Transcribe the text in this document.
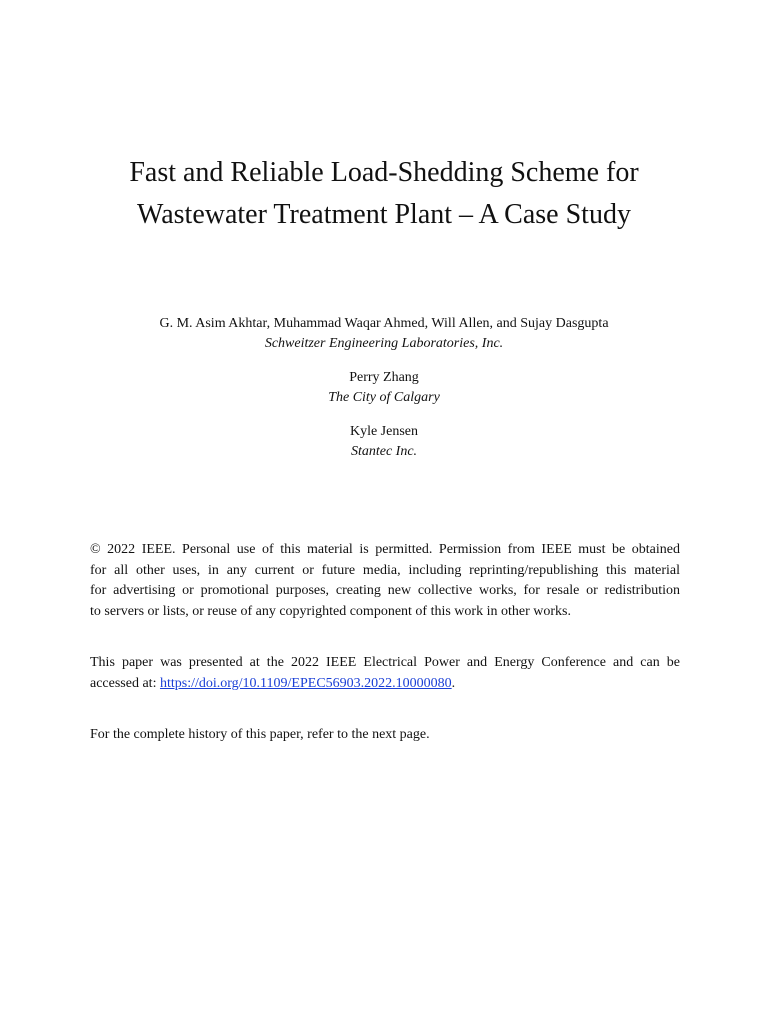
Fast and Reliable Load-Shedding Scheme for
Wastewater Treatment Plant – A Case Study
G. M. Asim Akhtar, Muhammad Waqar Ahmed, Will Allen, and Sujay Dasgupta
Schweitzer Engineering Laboratories, Inc.
Perry Zhang
The City of Calgary
Kyle Jensen
Stantec Inc.
© 2022 IEEE. Personal use of this material is permitted. Permission from IEEE must be obtained
for all other uses, in any current or future media, including reprinting/republishing this material
for advertising or promotional purposes, creating new collective works, for resale or redistribution
to servers or lists, or reuse of any copyrighted component of this work in other works.
This paper was presented at the 2022 IEEE Electrical Power and Energy Conference and can be
accessed at: https://doi.org/10.1109/EPEC56903.2022.10000080.
For the complete history of this paper, refer to the next page.
